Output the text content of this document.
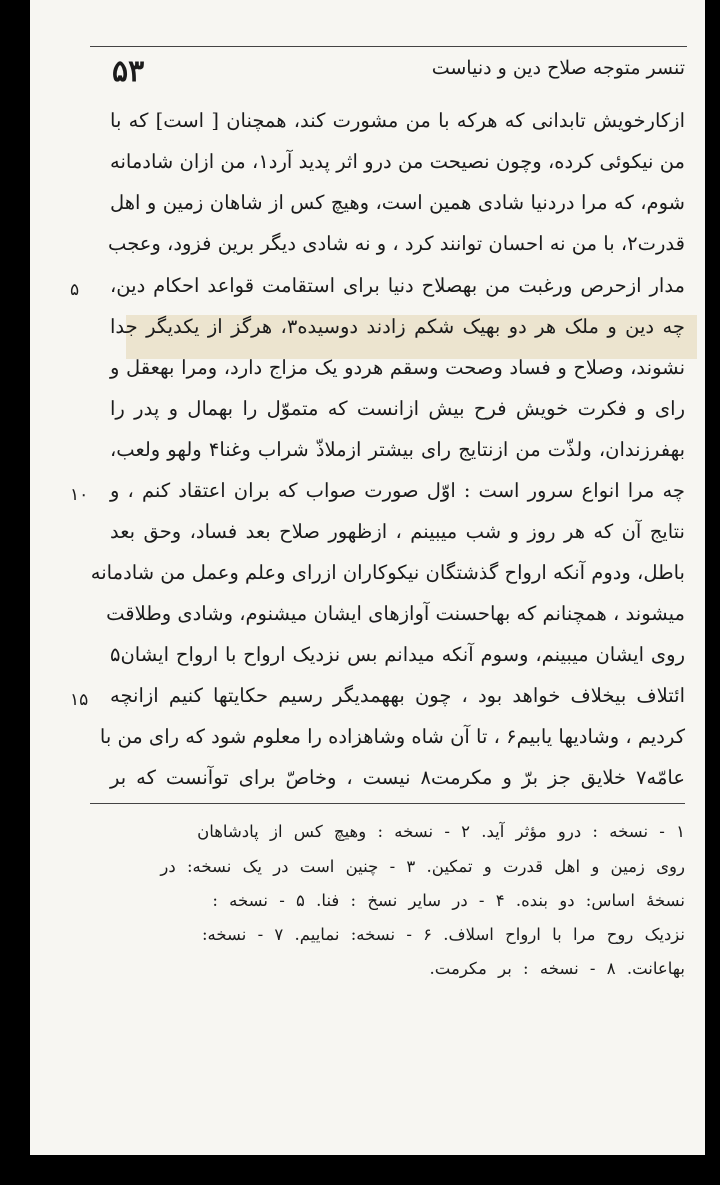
۵۳	تنسر متوجه صلاح دین و دنیاست
ازکارخویش تابدانی که هرکه با من مشورت کند، همچنان [ است] که با
من نیکوئی کرده، وچون نصیحت من درو اثر پدید آرد۱، من ازان شادمانه
شوم، که مرا دردنیا شادی همین است، وهیچ کس از شاهان زمین و اهل
قدرت۲، با من نه احسان توانند کرد ، و نه شادی دیگر برین فزود، وعجب
مدار ازحرص ورغبت من بهصلاح دنیا برای استقامت قواعد احکام دین،
چه دین و ملک هر دو بهیک شکم زادند دوسیده۳، هرگز از یکدیگر جدا
نشوند، وصلاح و فساد وصحت وسقم هردو یک مزاج دارد، ومرا بهعقل و
رای و فکرت خویش فرح بیش ازانست که متموّل را بهمال و پدر را
بهفرزندان، ولذّت من ازنتایج رای بیشتر ازملاذّ شراب وغنا۴ ولهو ولعب،
چه مرا انواع سرور است : اوّل صورت صواب که بران اعتقاد کنم ، و
نتایج آن که هر روز و شب میبینم ، ازظهور صلاح بعد فساد، وحق بعد
باطل، ودوم آنکه ارواح گذشتگان نیکوکاران ازرای وعلم وعمل من شادمانه
میشوند ، همچنانم که بهاحسنت آوازهای ایشان میشنوم، وشادی وطلاقت
روی ایشان میبینم، وسوم آنکه میدانم بس نزدیک ارواح با ارواح ایشان۵
ائتلاف بیخلاف خواهد بود ، چون بههمدیگر رسیم حکایتها کنیم ازانچه
کردیم ، وشادیها یابیم۶ ، تا آن شاه وشاهزاده را معلوم شود که رای من با
عامّه۷ خلایق جز برّ و مکرمت۸ نیست ، وخاصّ برای توآنست که بر
۵
۱۰
۱۵
۱ - نسخه : درو مؤثر آید. ۲ - نسخه : وهیچ کس از پادشاهان
روی زمین و اهل قدرت و تمکین. ۳ - چنین است در یک نسخه: در
نسخهٔ اساس: دو بنده. ۴ - در سایر نسخ : فنا. ۵ - نسخه :
نزدیک روح مرا با ارواح اسلاف. ۶ - نسخه: نماییم. ۷ - نسخه:
بهاعانت. ۸ - نسخه : بر مکرمت.
